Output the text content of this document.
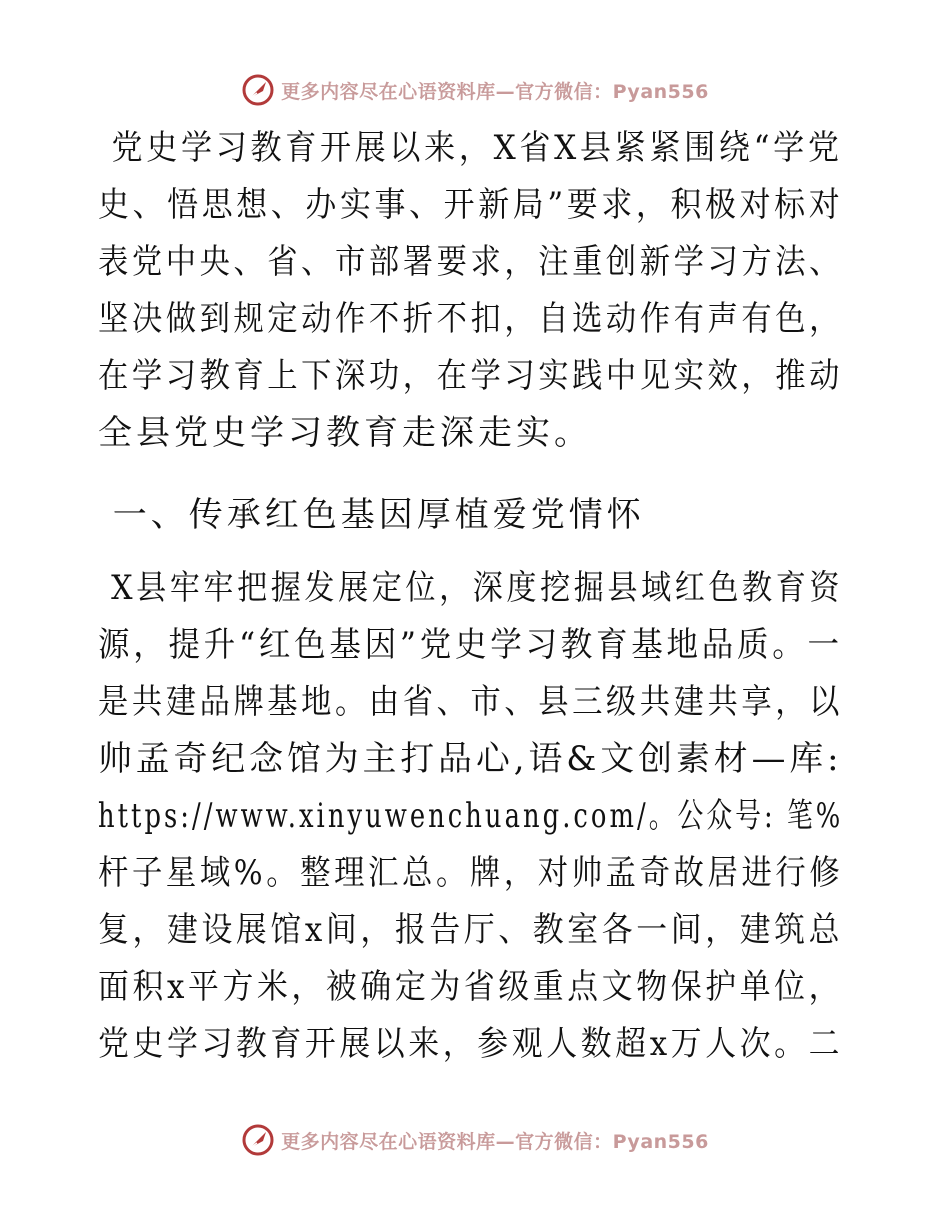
更多内容尽在心语资料库—官方微信：Pyan556
党史学习教育开展以来，X省X县紧紧围绕“学党
史、悟思想、办实事、开新局”要求，积极对标对
表党中央、省、市部署要求，注重创新学习方法、
坚决做到规定动作不折不扣，自选动作有声有色，
在学习教育上下深功，在学习实践中见实效，推动
全县党史学习教育走深走实。
一、传承红色基因厚植爱党情怀
X县牢牢把握发展定位，深度挖掘县域红色教育资
源，提升“红色基因”党史学习教育基地品质。一
是共建品牌基地。由省、市、县三级共建共享，以
帅孟奇纪念馆为主打品心,语&文创素材—库:
https://www.xinyuwenchuang.com/。公众号: 笔%
杆子星域%。整理汇总。牌，对帅孟奇故居进行修
复，建设展馆x间，报告厅、教室各一间，建筑总
面积x平方米，被确定为省级重点文物保护单位，
党史学习教育开展以来，参观人数超x万人次。二
更多内容尽在心语资料库—官方微信：Pyan556
